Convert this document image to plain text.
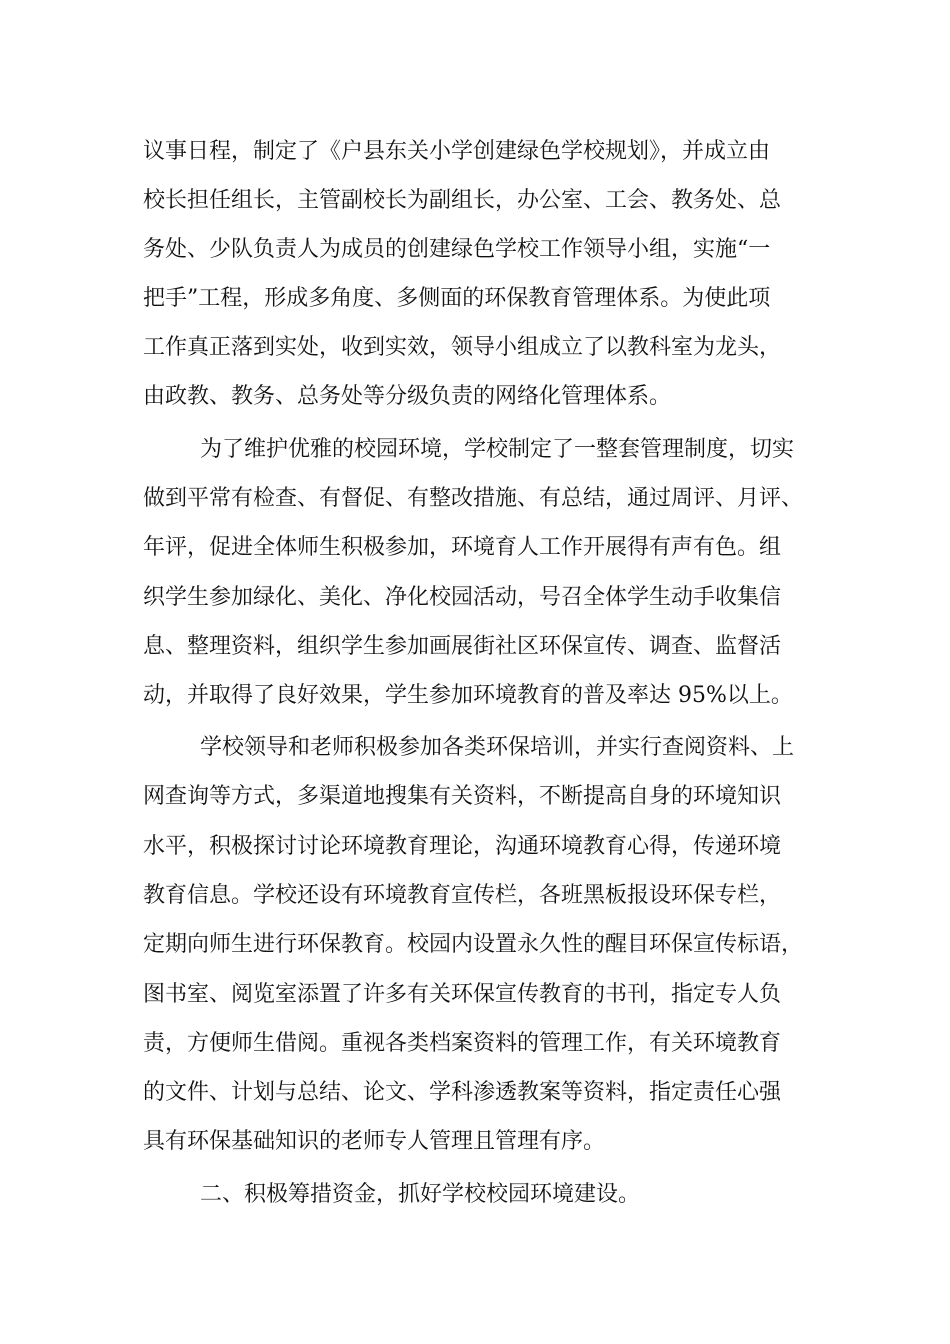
议事日程，制定了《户县东关小学创建绿色学校规划》，并成立由

校长担任组长，主管副校长为副组长，办公室、工会、教务处、总

务处、少队负责人为成员的创建绿色学校工作领导小组，实施“一

把手”工程，形成多角度、多侧面的环保教育管理体系。为使此项

工作真正落到实处，收到实效，领导小组成立了以教科室为龙头，

由政教、教务、总务处等分级负责的网络化管理体系。

为了维护优雅的校园环境，学校制定了一整套管理制度，切实

做到平常有检查、有督促、有整改措施、有总结，通过周评、月评、

年评，促进全体师生积极参加，环境育人工作开展得有声有色。组

织学生参加绿化、美化、净化校园活动，号召全体学生动手收集信

息、整理资料，组织学生参加画展街社区环保宣传、调查、监督活

动，并取得了良好效果，学生参加环境教育的普及率达 95%以上。

学校领导和老师积极参加各类环保培训，并实行查阅资料、上

网查询等方式，多渠道地搜集有关资料，不断提高自身的环境知识

水平，积极探讨讨论环境教育理论，沟通环境教育心得，传递环境

教育信息。学校还设有环境教育宣传栏，各班黑板报设环保专栏，

定期向师生进行环保教育。校园内设置永久性的醒目环保宣传标语，

图书室、阅览室添置了许多有关环保宣传教育的书刊，指定专人负

责，方便师生借阅。重视各类档案资料的管理工作，有关环境教育

的文件、计划与总结、论文、学科渗透教案等资料，指定责任心强

具有环保基础知识的老师专人管理且管理有序。

二、积极筹措资金，抓好学校校园环境建设。
